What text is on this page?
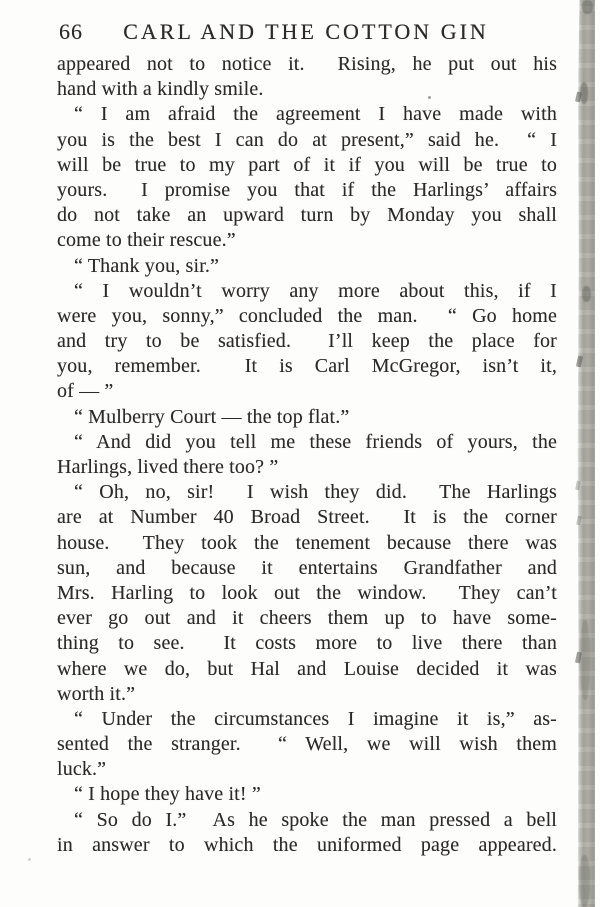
66	CARL AND THE COTTON GIN

appeared not to notice it.  Rising, he put out his
hand with a kindly smile.

“ I am afraid the agreement I have made with
you is the best I can do at present,” said he.  “ I
will be true to my part of it if you will be true to
yours.  I promise you that if the Harlings’ affairs
do not take an upward turn by Monday you shall
come to their rescue.”

“ Thank you, sir.”

“ I wouldn’t worry any more about this, if I
were you, sonny,” concluded the man.  “ Go home
and try to be satisfied.  I’ll keep the place for
you, remember.  It is Carl McGregor, isn’t it,
of — ”

“ Mulberry Court — the top flat.”

“ And did you tell me these friends of yours, the
Harlings, lived there too? ”

“ Oh, no, sir!  I wish they did.  The Harlings
are at Number 40 Broad Street.  It is the corner
house.  They took the tenement because there was
sun, and because it entertains Grandfather and
Mrs. Harling to look out the window.  They can’t
ever go out and it cheers them up to have some-
thing to see.  It costs more to live there than
where we do, but Hal and Louise decided it was
worth it.”

“ Under the circumstances I imagine it is,” as-
sented the stranger.  “ Well, we will wish them
luck.”

“ I hope they have it! ”

“ So do I.”  As he spoke the man pressed a bell
in answer to which the uniformed page appeared.
